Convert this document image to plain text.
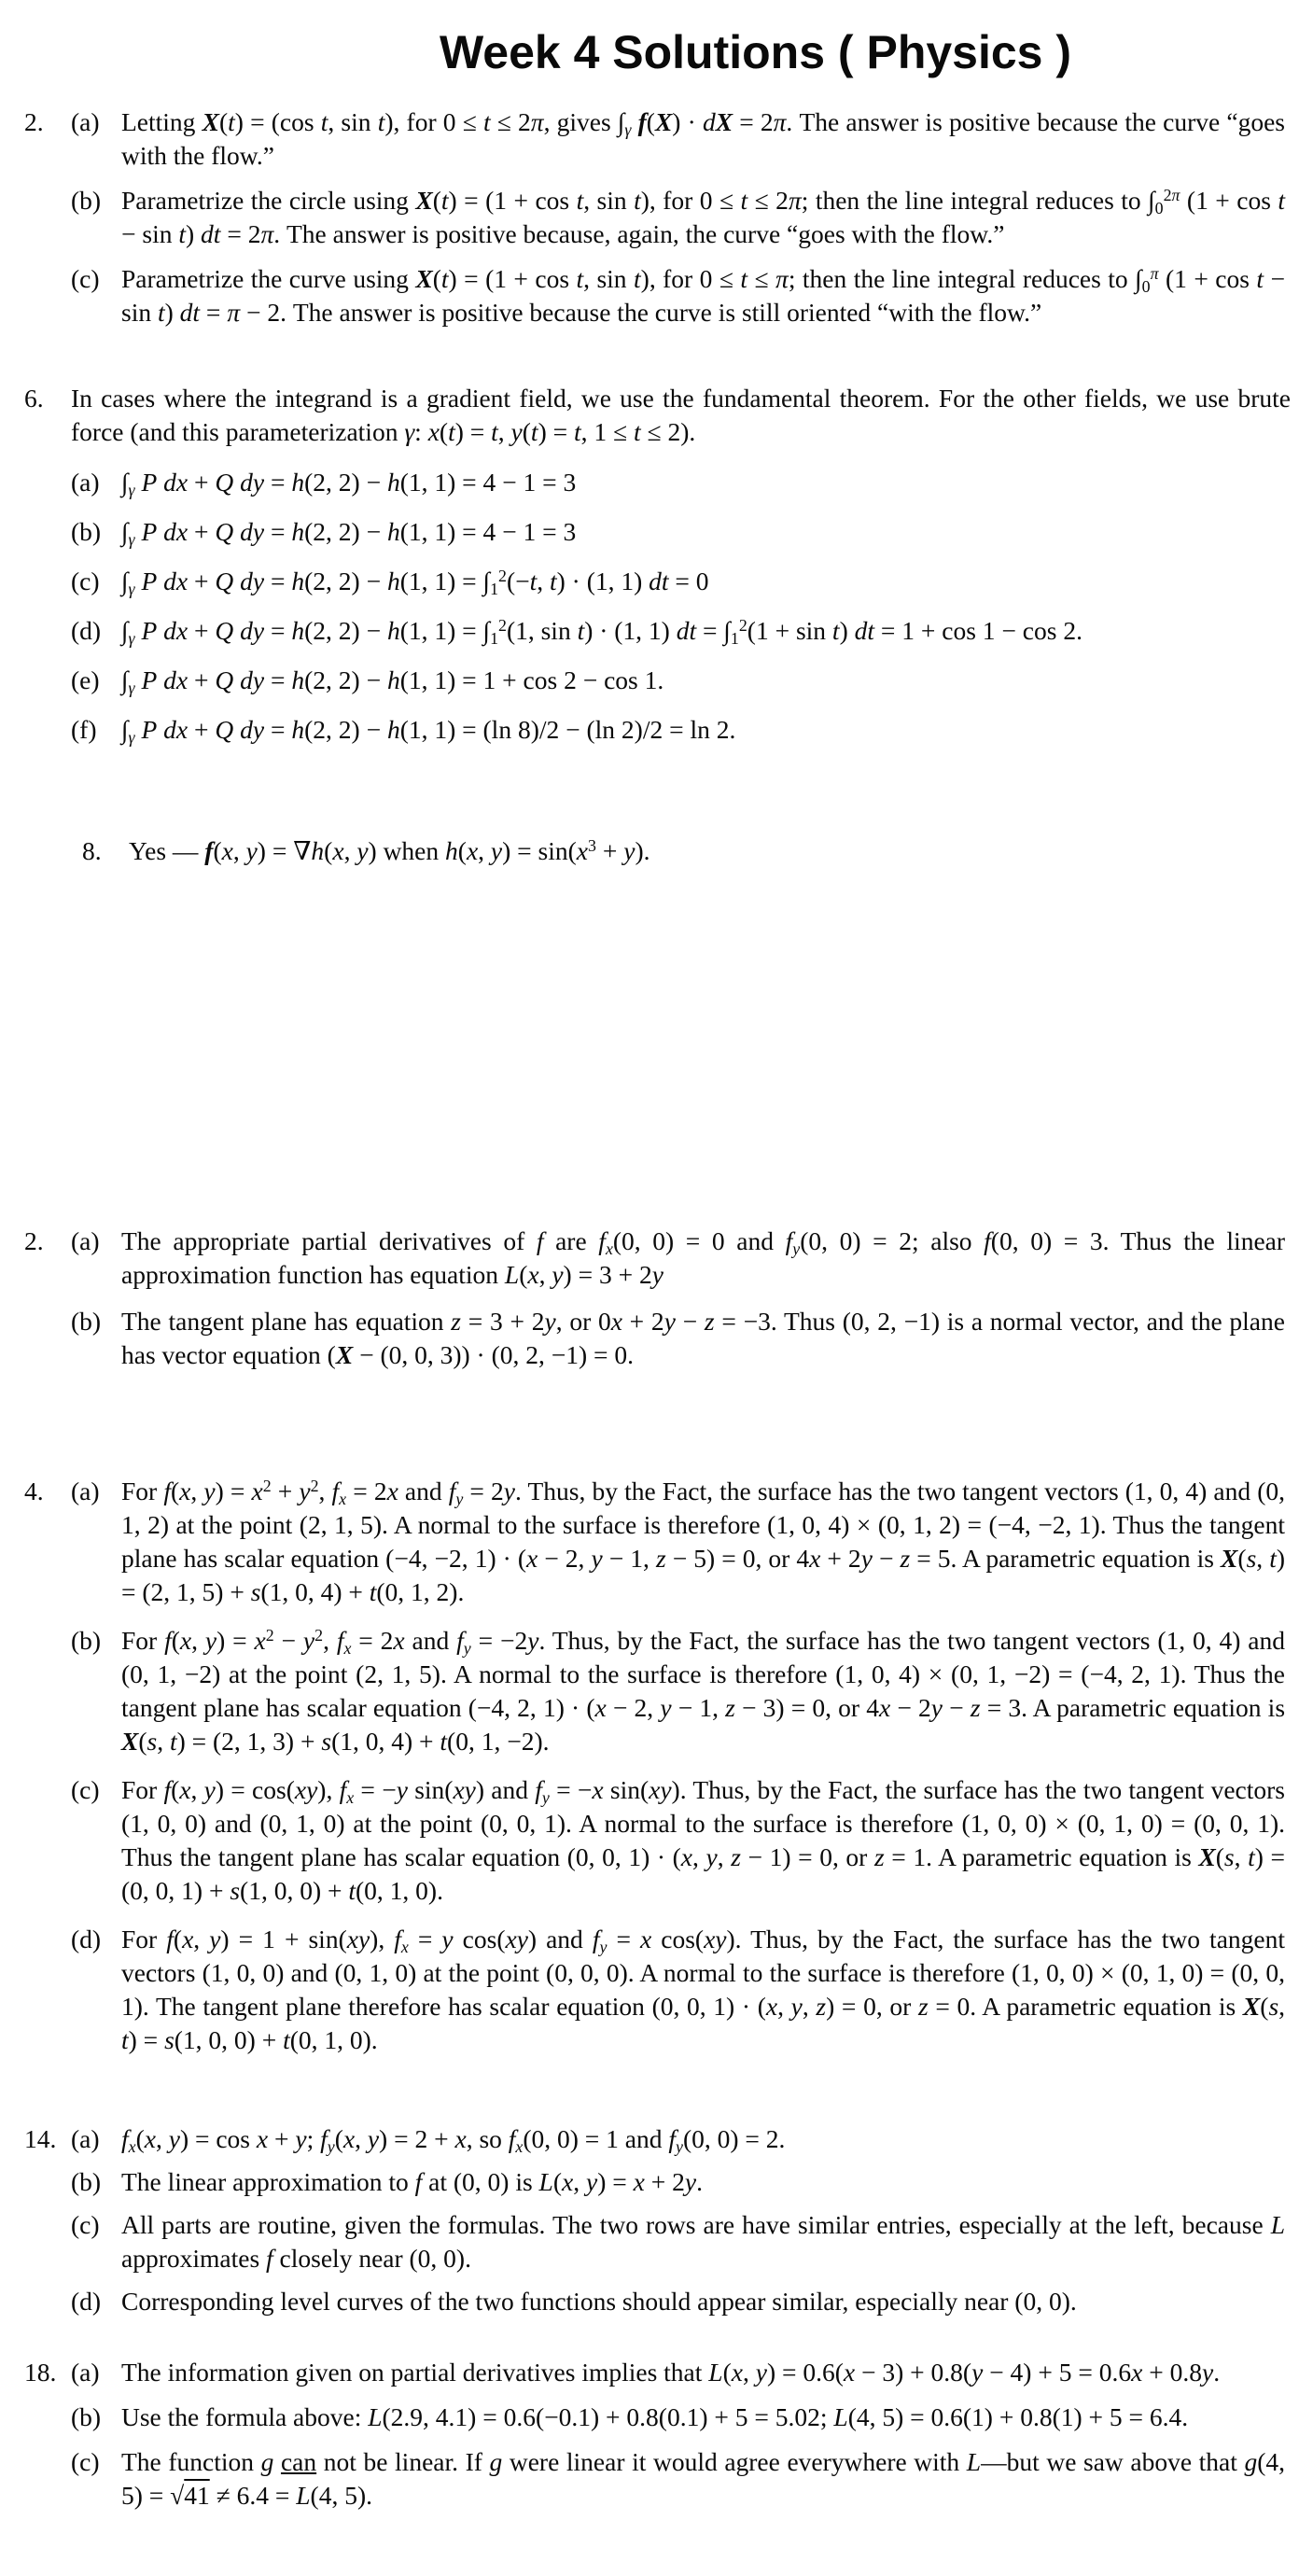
Week 4 Solutions ( Physics )
2.	(a) Letting X(t) = (cos t, sin t), for 0 ≤ t ≤ 2π, gives ∫γ f(X) · dX = 2π. The answer is positive because the curve “goes with the flow.”
(b) Parametrize the circle using X(t) = (1 + cos t, sin t), for 0 ≤ t ≤ 2π; then the line integral reduces to $\int 0^{2\pi}$ (1 + cos t − sin t) dt = 2π. The answer is positive because, again, the curve “goes with the flow.”
(c) Parametrize the curve using X(t) = (1 + cos t, sin t), for 0 ≤ t ≤ π; then the line integral reduces to $\int 0^\pi$ (1 + cos t − sin t) dt = π − 2. The answer is positive because the curve is still oriented “with the flow.”
6.	In cases where the integrand is a gradient field, we use the fundamental theorem. For the other fields, we use brute force (and this parameterization γ: x(t) = t, y(t) = t, 1 ≤ t ≤ 2).
(a) ∫γ P dx + Q dy = h(2, 2) − h(1, 1) = 4 − 1 = 3
(b) ∫γ P dx + Q dy = h(2, 2) − h(1, 1) = 4 − 1 = 3
(c) ∫γ P dx + Q dy = h(2, 2) − h(1, $1) = \int 1^2(-t$, t) · (1, 1) dt = 0
(d) ∫γ P dx + Q dy = h(2, 2) − h(1, $1) = \int 1^2(1$, sin t) · (1, 1) dt = $\int 1^2(1 + \sin t)$ dt = 1 + cos 1 − cos 2.
(e) ∫γ P dx + Q dy = h(2, 2) − h(1, 1) = 1 + cos 2 − cos 1.
(f) ∫γ P dx + Q dy = h(2, 2) − h(1, 1) = (ln 8)/2 − (ln 2)/2 = ln 2.
8.	Yes — f(x, y) = ∇h(x, y) when h(x, $y) = \sin(x^3 + y)$.
2.	(a) The appropriate partial derivatives of f are fx(0, 0) = 0 and fy(0, 0) = 2; also f(0, 0) = 3. Thus the linear approximation function has equation L(x, y) = 3 + 2y
(b) The tangent plane has equation z = 3 + 2y, or 0x + 2y − z = −3. Thus (0, 2, −1) is a normal vector, and the plane has vector equation (X − (0, 0, 3)) · (0, 2, −1) = 0.
4.	(a) For f(x, $y) = x^2 + y^2$, fx = 2x and fy = 2y. Thus, by the Fact, the surface has the two tangent vectors (1, 0, 4) and (0, 1, 2) at the point (2, 1, 5). A normal to the surface is therefore (1, 0, 4) × (0, 1, 2) = (−4, −2, 1). Thus the tangent plane has scalar equation (−4, −2, 1) · (x − 2, y − 1, z − 5) = 0, or 4x + 2y − z = 5. A parametric equation is X(s, t) = (2, 1, 5) + s(1, 0, 4) + t(0, 1, 2).
(b) For f(x, $y) = x^2 - y^2$, fx = 2x and fy = −2y. Thus, by the Fact, the surface has the two tangent vectors (1, 0, 4) and (0, 1, −2) at the point (2, 1, 5). A normal to the surface is therefore (1, 0, 4) × (0, 1, −2) = (−4, 2, 1). Thus the tangent plane has scalar equation (−4, 2, 1) · (x − 2, y − 1, z − 3) = 0, or 4x − 2y − z = 3. A parametric equation is X(s, t) = (2, 1, 3) + s(1, 0, 4) + t(0, 1, −2).
(c) For f(x, y) = cos(xy), fx = −y sin(xy) and fy = −x sin(xy). Thus, by the Fact, the surface has the two tangent vectors (1, 0, 0) and (0, 1, 0) at the point (0, 0, 1). A normal to the surface is therefore (1, 0, 0) × (0, 1, 0) = (0, 0, 1). Thus the tangent plane has scalar equation (0, 0, 1) · (x, y, z − 1) = 0, or z = 1. A parametric equation is X(s, t) = (0, 0, 1) + s(1, 0, 0) + t(0, 1, 0).
(d) For f(x, y) = 1 + sin(xy), fx = y cos(xy) and fy = x cos(xy). Thus, by the Fact, the surface has the two tangent vectors (1, 0, 0) and (0, 1, 0) at the point (0, 0, 0). A normal to the surface is therefore (1, 0, 0) × (0, 1, 0) = (0, 0, 1). The tangent plane therefore has scalar equation (0, 0, 1) · (x, y, z) = 0, or z = 0. A parametric equation is X(s, t) = s(1, 0, 0) + t(0, 1, 0).
14. (a) fx(x, y) = cos x + y; fy(x, y) = 2 + x, so fx(0, 0) = 1 and fy(0, 0) = 2.
(b) The linear approximation to f at (0, 0) is L(x, y) = x + 2y.
(c) All parts are routine, given the formulas. The two rows are have similar entries, especially at the left, because L approximates f closely near (0, 0).
(d) Corresponding level curves of the two functions should appear similar, especially near (0, 0).
18. (a) The information given on partial derivatives implies that L(x, y) = 0.6(x − 3) + 0.8(y − 4) + 5 = 0.6x + 0.8y.
(b) Use the formula above: L(2.9, 4.1) = 0.6(−0.1) + 0.8(0.1) + 5 = 5.02; L(4, 5) = 0.6(1) + 0.8(1) + 5 = 6.4.
(c) The function g can not be linear. If g were linear it would agree everywhere with L—but we saw above that g(4, 5) = √41 ≠ 6.4 = L(4, 5).
